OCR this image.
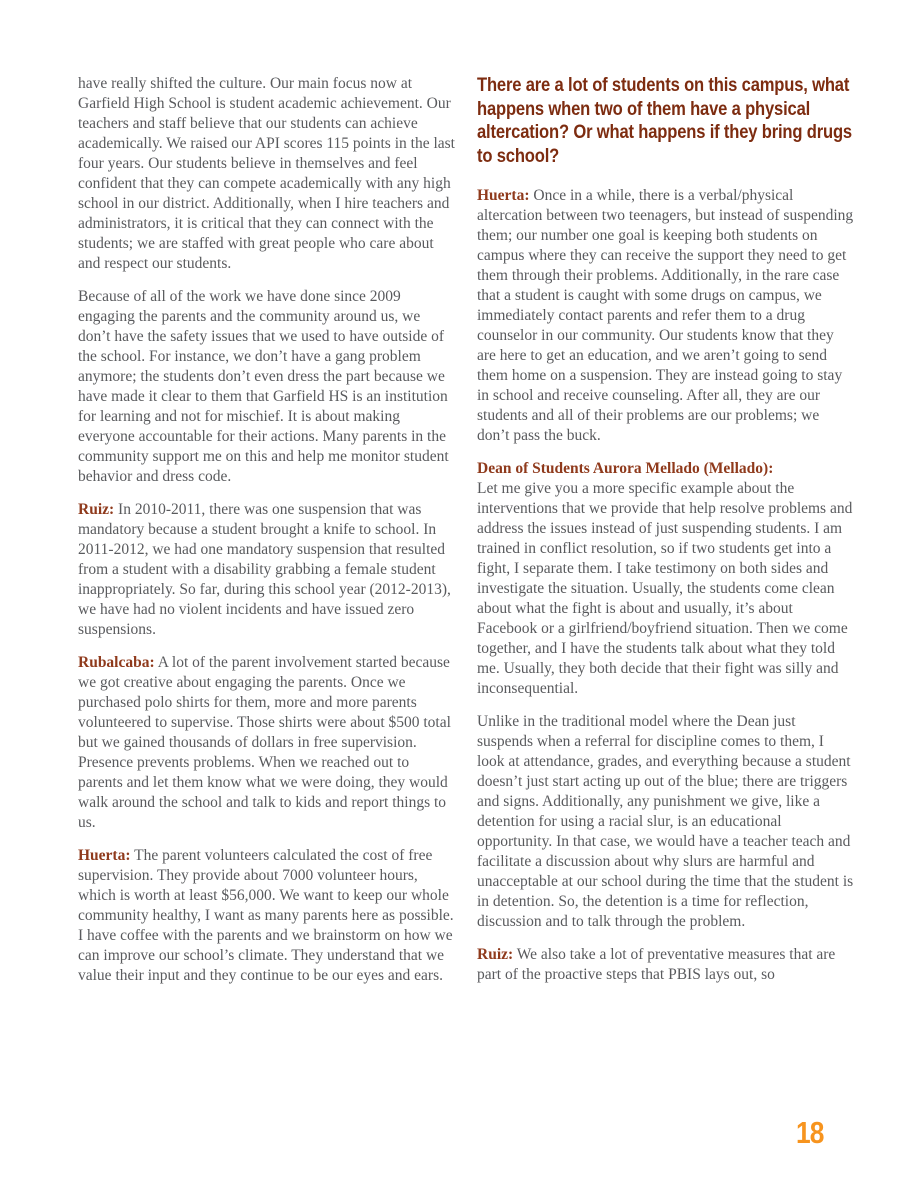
have really shifted the culture. Our main focus now at Garfield High School is student academic achievement. Our teachers and staff believe that our students can achieve academically. We raised our API scores 115 points in the last four years. Our students believe in themselves and feel confident that they can compete academically with any high school in our district. Additionally, when I hire teachers and administrators, it is critical that they can connect with the students; we are staffed with great people who care about and respect our students.

Because of all of the work we have done since 2009 engaging the parents and the community around us, we don’t have the safety issues that we used to have outside of the school. For instance, we don’t have a gang problem anymore; the students don’t even dress the part because we have made it clear to them that Garfield HS is an institution for learning and not for mischief. It is about making everyone accountable for their actions. Many parents in the community support me on this and help me monitor student behavior and dress code.

Ruiz: In 2010-2011, there was one suspension that was mandatory because a student brought a knife to school. In 2011-2012, we had one mandatory suspension that resulted from a student with a disability grabbing a female student inappropriately. So far, during this school year (2012-2013), we have had no violent incidents and have issued zero suspensions.

Rubalcaba: A lot of the parent involvement started because we got creative about engaging the parents. Once we purchased polo shirts for them, more and more parents volunteered to supervise. Those shirts were about $500 total but we gained thousands of dollars in free supervision. Presence prevents problems. When we reached out to parents and let them know what we were doing, they would walk around the school and talk to kids and report things to us.

Huerta: The parent volunteers calculated the cost of free supervision. They provide about 7000 volunteer hours, which is worth at least $56,000. We want to keep our whole community healthy, I want as many parents here as possible. I have coffee with the parents and we brainstorm on how we can improve our school’s climate. They understand that we value their input and they continue to be our eyes and ears.

There are a lot of students on this campus, what happens when two of them have a physical altercation? Or what happens if they bring drugs to school?

Huerta: Once in a while, there is a verbal/physical altercation between two teenagers, but instead of suspending them; our number one goal is keeping both students on campus where they can receive the support they need to get them through their problems. Additionally, in the rare case that a student is caught with some drugs on campus, we immediately contact parents and refer them to a drug counselor in our community. Our students know that they are here to get an education, and we aren’t going to send them home on a suspension. They are instead going to stay in school and receive counseling. After all, they are our students and all of their problems are our problems; we don’t pass the buck.

Dean of Students Aurora Mellado (Mellado):
Let me give you a more specific example about the interventions that we provide that help resolve problems and address the issues instead of just suspending students. I am trained in conflict resolution, so if two students get into a fight, I separate them. I take testimony on both sides and investigate the situation. Usually, the students come clean about what the fight is about and usually, it’s about Facebook or a girlfriend/boyfriend situation. Then we come together, and I have the students talk about what they told me. Usually, they both decide that their fight was silly and inconsequential.

Unlike in the traditional model where the Dean just suspends when a referral for discipline comes to them, I look at attendance, grades, and everything because a student doesn’t just start acting up out of the blue; there are triggers and signs. Additionally, any punishment we give, like a detention for using a racial slur, is an educational opportunity. In that case, we would have a teacher teach and facilitate a discussion about why slurs are harmful and unacceptable at our school during the time that the student is in detention. So, the detention is a time for reflection, discussion and to talk through the problem.

Ruiz: We also take a lot of preventative measures that are part of the proactive steps that PBIS lays out, so

18
